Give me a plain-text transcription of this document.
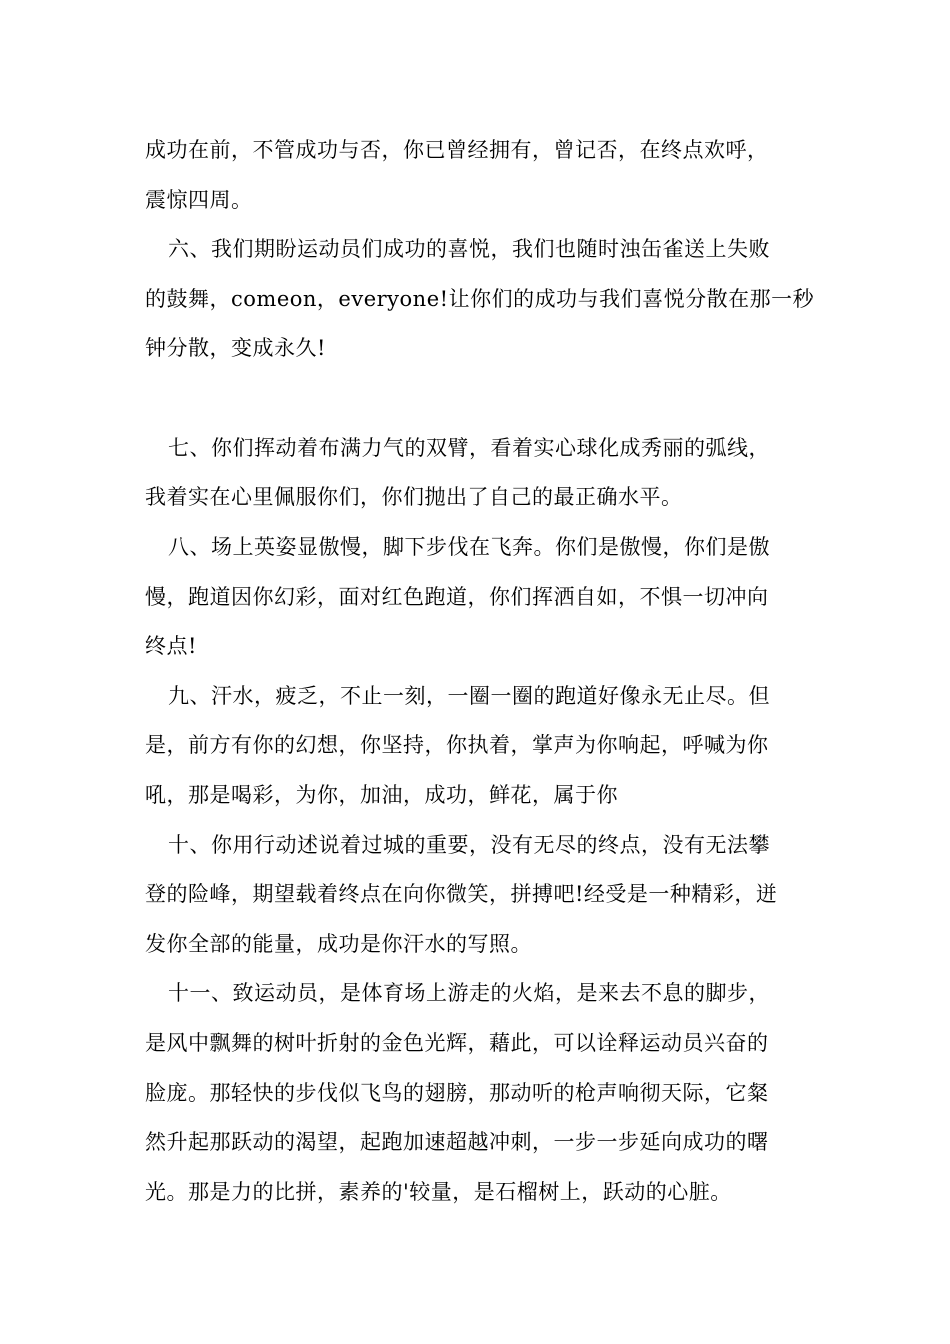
成功在前，不管成功与否，你已曾经拥有，曾记否，在终点欢呼，
震惊四周。
六、我们期盼运动员们成功的喜悦，我们也随时浊缶雀送上失败
的鼓舞，comeon，everyone!让你们的成功与我们喜悦分散在那一秒
钟分散，变成永久!
七、你们挥动着布满力气的双臂，看着实心球化成秀丽的弧线，
我着实在心里佩服你们，你们抛出了自己的最正确水平。
八、场上英姿显傲慢，脚下步伐在飞奔。你们是傲慢，你们是傲
慢，跑道因你幻彩，面对红色跑道，你们挥洒自如，不惧一切冲向
终点!
九、汗水，疲乏，不止一刻，一圈一圈的跑道好像永无止尽。但
是，前方有你的幻想，你坚持，你执着，掌声为你响起，呼喊为你
吼，那是喝彩，为你，加油，成功，鲜花，属于你
十、你用行动述说着过城的重要，没有无尽的终点，没有无法攀
登的险峰，期望载着终点在向你微笑，拼搏吧!经受是一种精彩，迸
发你全部的能量，成功是你汗水的写照。
十一、致运动员，是体育场上游走的火焰，是来去不息的脚步，
是风中飘舞的树叶折射的金色光辉，藉此，可以诠释运动员兴奋的
脸庞。那轻快的步伐似飞鸟的翅膀，那动听的枪声响彻天际，它粲
然升起那跃动的渴望，起跑加速超越冲刺，一步一步延向成功的曙
光。那是力的比拼，素养的'较量，是石榴树上，跃动的心脏。
